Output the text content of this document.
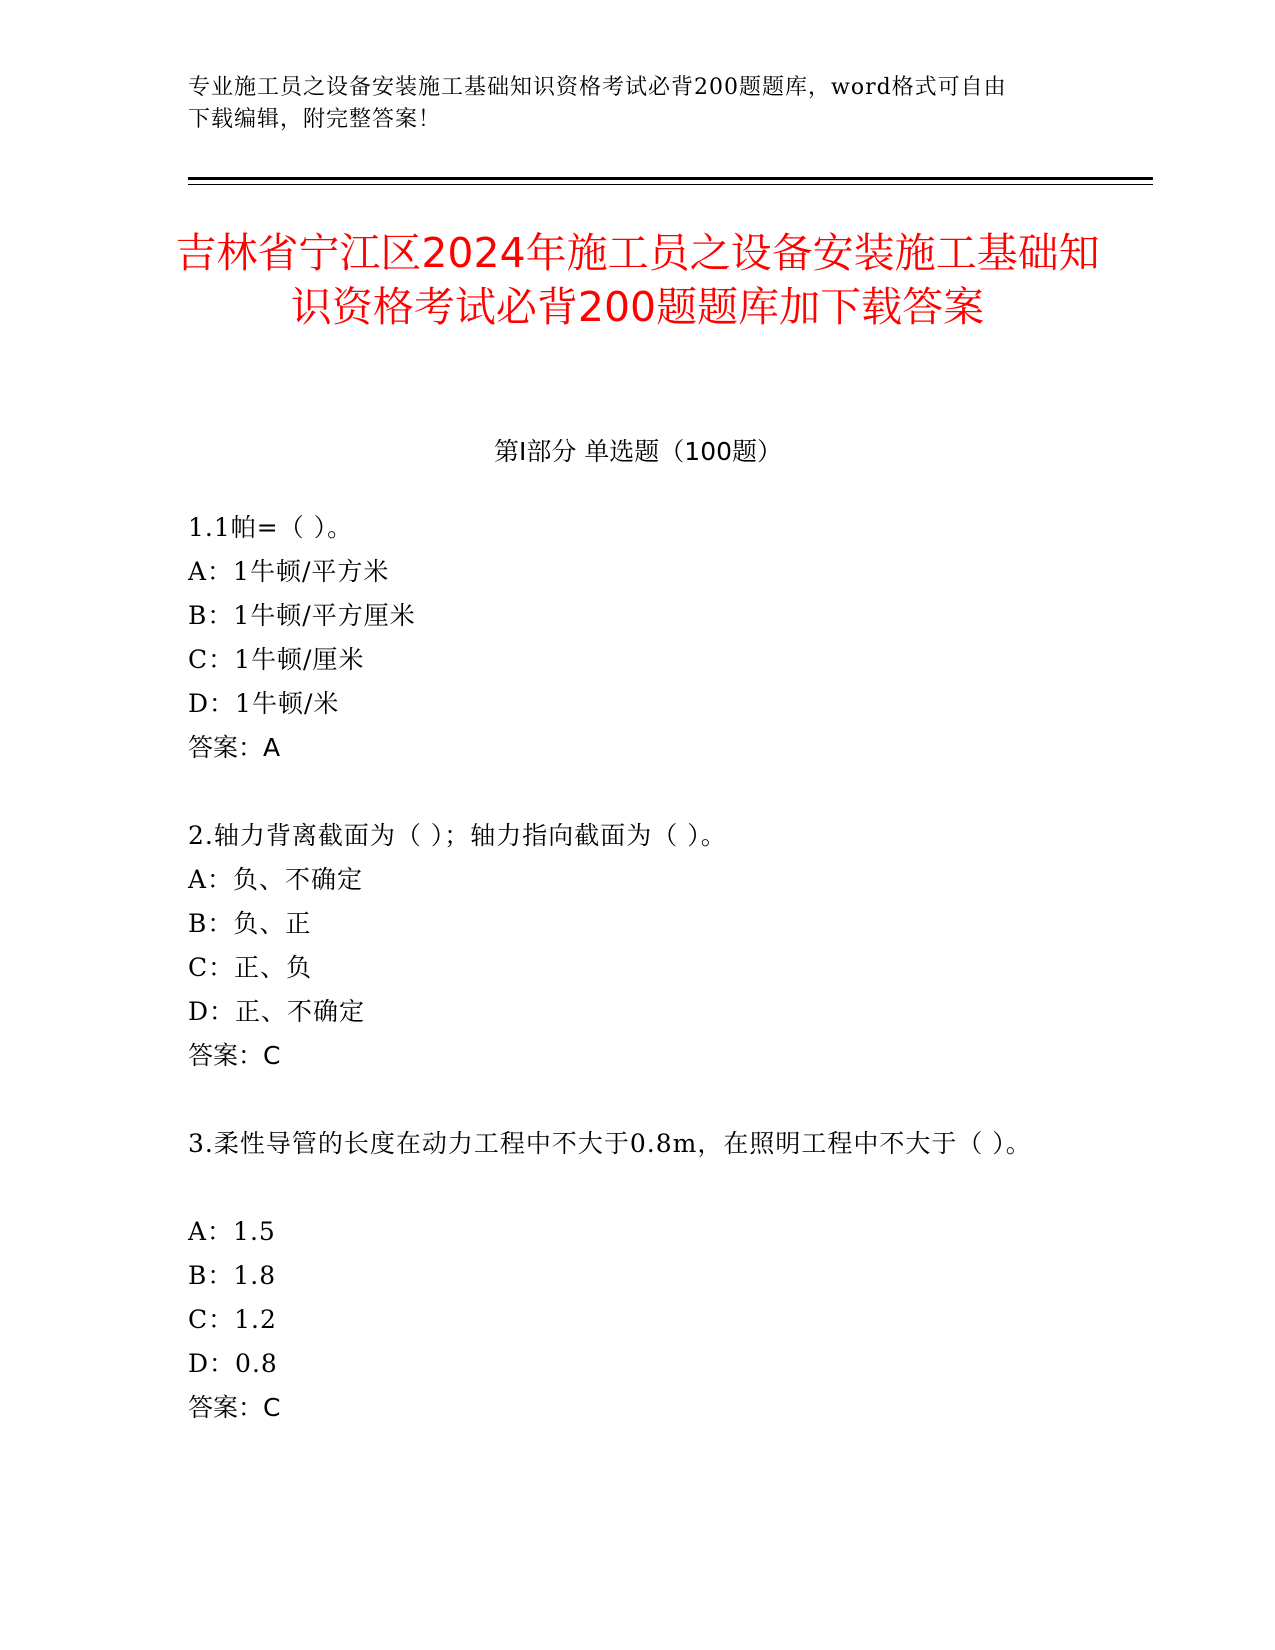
专业施工员之设备安装施工基础知识资格考试必背200题题库，word格式可自由
下载编辑，附完整答案！
吉林省宁江区2024年施工员之设备安装施工基础知识资格考试必背200题题库加下载答案
第Ⅰ部分 单选题（100题）
1.1帕=（ ）。
A：1牛顿/平方米
B：1牛顿/平方厘米
C：1牛顿/厘米
D：1牛顿/米
答案：A
2.轴力背离截面为（ ）；轴力指向截面为（ ）。
A：负、不确定
B：负、正
C：正、负
D：正、不确定
答案：C
3.柔性导管的长度在动力工程中不大于0.8m，在照明工程中不大于（ ）。
A：1.5
B：1.8
C：1.2
D：0.8
答案：C
